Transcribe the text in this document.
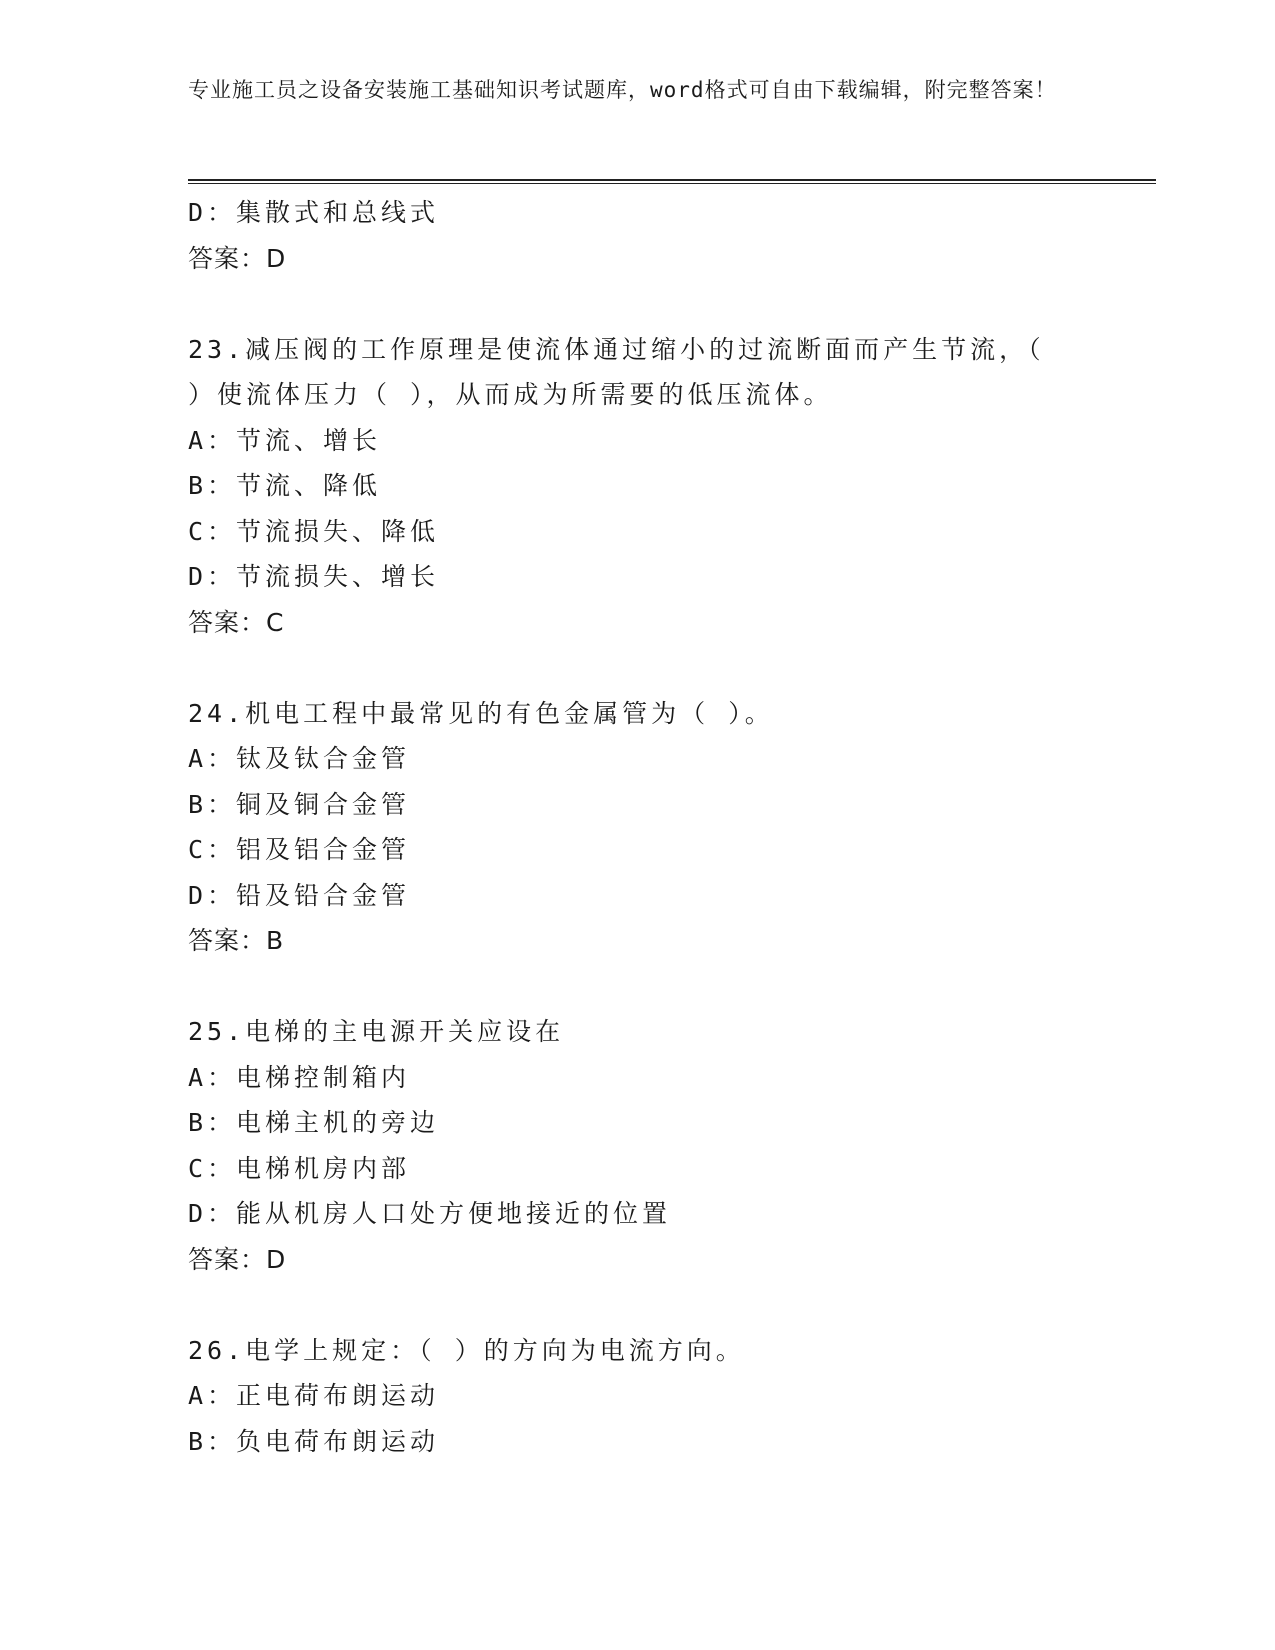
专业施工员之设备安装施工基础知识考试题库，word格式可自由下载编辑，附完整答案！
D：集散式和总线式
答案：D
23.减压阀的工作原理是使流体通过缩小的过流断面而产生节流，（
）使流体压力（ ），从而成为所需要的低压流体。
A：节流、增长
B：节流、降低
C：节流损失、降低
D：节流损失、增长
答案：C
24.机电工程中最常见的有色金属管为（ ）。
A：钛及钛合金管
B：铜及铜合金管
C：铝及铝合金管
D：铅及铅合金管
答案：B
25.电梯的主电源开关应设在
A：电梯控制箱内
B：电梯主机的旁边
C：电梯机房内部
D：能从机房人口处方便地接近的位置
答案：D
26.电学上规定：（ ）的方向为电流方向。
A：正电荷布朗运动
B：负电荷布朗运动
